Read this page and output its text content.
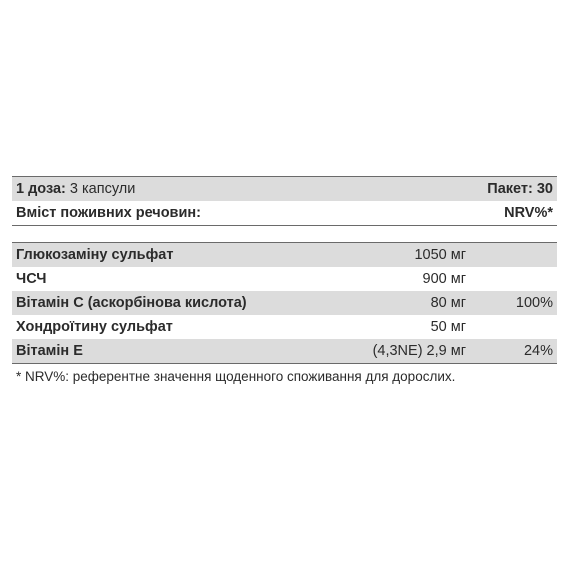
1 доза: 3 капсули	Пакет: 30
Вміст поживних речовин:	NRV%*
Глюкозаміну сульфат	1050 мг
ЧСЧ	900 мг
Вітамін С (аскорбінова кислота)	80 мг	100%
Хондроїтину сульфат	50 мг
Вітамін Е	(4,3NE) 2,9 мг	24%
* NRV%: референтне значення щоденного споживання для дорослих.
